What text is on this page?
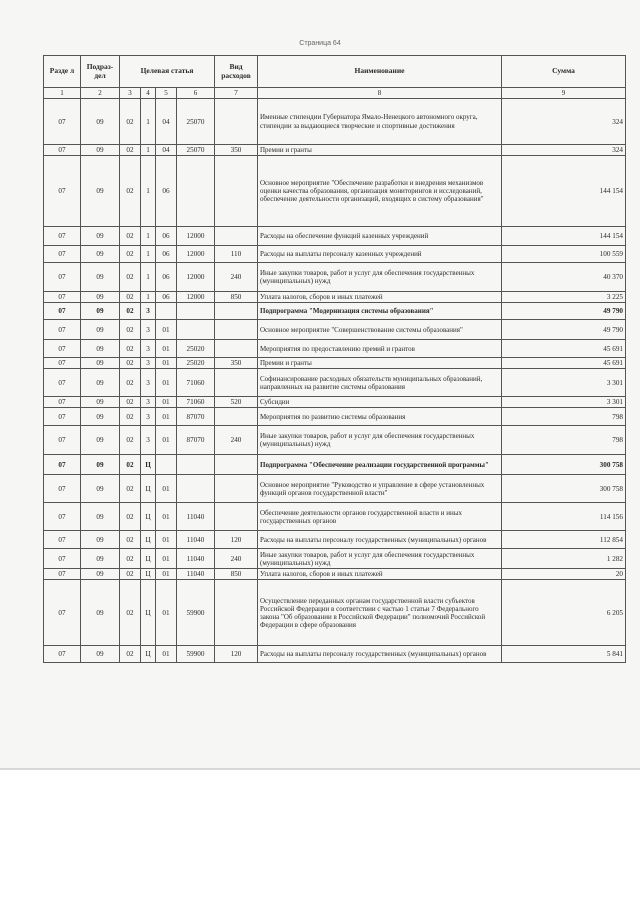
Страница 64
Разде л	Подраз- дел	Целевая статья				Вид расходов	Наименование	Сумма
1	2	3	4	5	6	7	8	9
07	09	02	1	04	25070		Именные стипендии Губернатора Ямало-Ненецкого автономного округа, стипендии за выдающиеся творческие и спортивные достижения	324
07	09	02	1	04	25070	350	Премии и гранты	324
07	09	02	1	06			Основное мероприятие "Обеспечение разработки и внедрения механизмов оценки качества образования, организация мониторингов и исследований, обеспечение деятельности организаций, входящих в систему образования"	144 154
07	09	02	1	06	12000		Расходы на обеспечение функций казенных учреждений	144 154
07	09	02	1	06	12000	110	Расходы на выплаты персоналу казенных учреждений	100 559
07	09	02	1	06	12000	240	Иные закупки товаров, работ и услуг для обеспечения государственных (муниципальных) нужд	40 370
07	09	02	1	06	12000	850	Уплата налогов, сборов и иных платежей	3 225
07	09	02	3				Подпрограмма "Модернизация системы образования"	49 790
07	09	02	3	01			Основное мероприятие "Совершенствование системы образования"	49 790
07	09	02	3	01	25020		Мероприятия по предоставлению премий и грантов	45 691
07	09	02	3	01	25020	350	Премии и гранты	45 691
07	09	02	3	01	71060		Софинансирование расходных обязательств муниципальных образований, направленных на развитие системы образования	3 301
07	09	02	3	01	71060	520	Субсидии	3 301
07	09	02	3	01	87070		Мероприятия по развитию системы образования	798
07	09	02	3	01	87070	240	Иные закупки товаров, работ и услуг для обеспечения государственных (муниципальных) нужд	798
07	09	02	Ц				Подпрограмма "Обеспечение реализации государственной программы"	300 758
07	09	02	Ц	01			Основное мероприятие "Руководство и управление в сфере установленных функций органов государственной власти"	300 758
07	09	02	Ц	01	11040		Обеспечение деятельности органов государственной власти и иных государственных органов	114 156
07	09	02	Ц	01	11040	120	Расходы на выплаты персоналу государственных (муниципальных) органов	112 854
07	09	02	Ц	01	11040	240	Иные закупки товаров, работ и услуг для обеспечения государственных (муниципальных) нужд	1 282
07	09	02	Ц	01	11040	850	Уплата налогов, сборов и иных платежей	20
07	09	02	Ц	01	59900		Осуществление переданных органам государственной власти субъектов Российской Федерации в соответствии с частью 1 статьи 7 Федерального закона "Об образовании в Российской Федерации" полномочий Российской Федерации в сфере образования	6 205
07	09	02	Ц	01	59900	120	Расходы на выплаты персоналу государственных (муниципальных) органов	5 841
